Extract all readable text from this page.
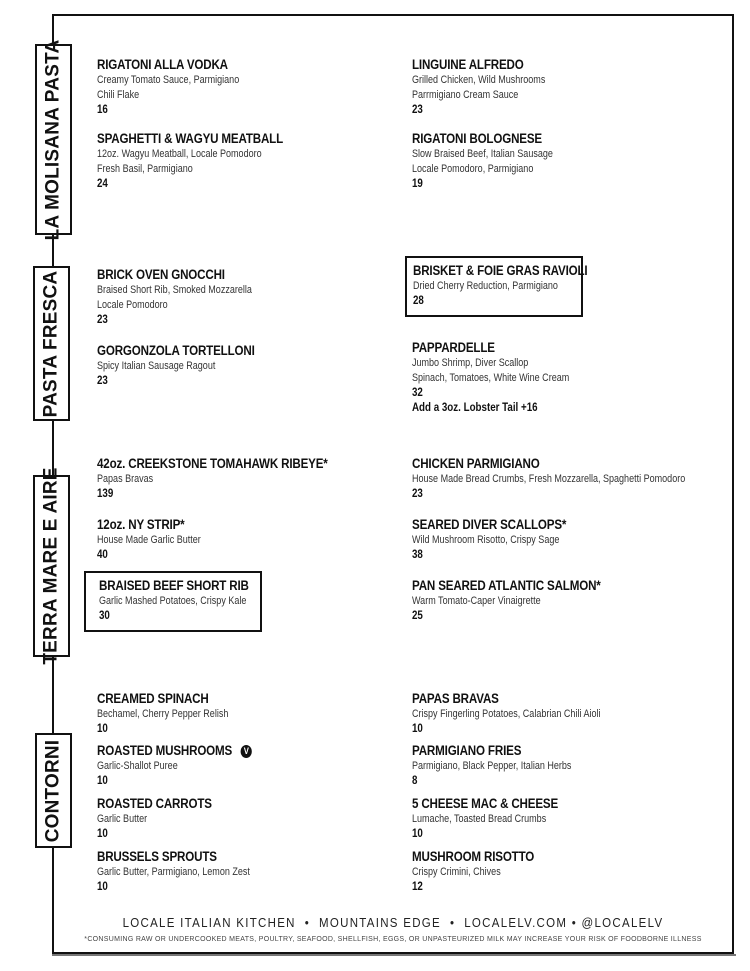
LA MOLISANA PASTA
PASTA FRESCA
TERRA MARE E AIRE
CONTORNI
RIGATONI ALLA VODKA
Creamy Tomato Sauce, Parmigiano
Chili Flake
16
SPAGHETTI & WAGYU MEATBALL
12oz. Wagyu Meatball, Locale Pomodoro
Fresh Basil, Parmigiano
24
LINGUINE ALFREDO
Grilled Chicken, Wild Mushrooms
Parrmigiano Cream Sauce
23
RIGATONI BOLOGNESE
Slow Braised Beef, Italian Sausage
Locale Pomodoro, Parmigiano
19
BRICK OVEN GNOCCHI
Braised Short Rib, Smoked Mozzarella
Locale Pomodoro
23
GORGONZOLA TORTELLONI
Spicy Italian Sausage Ragout
23
BRISKET & FOIE GRAS RAVIOLI
Dried Cherry Reduction, Parmigiano
28
PAPPARDELLE
Jumbo Shrimp, Diver Scallop
Spinach, Tomatoes, White Wine Cream
32
Add a 3oz. Lobster Tail +16
42oz. CREEKSTONE TOMAHAWK RIBEYE*
Papas Bravas
139
12oz. NY STRIP*
House Made Garlic Butter
40
BRAISED BEEF SHORT RIB
Garlic Mashed Potatoes, Crispy Kale
30
CHICKEN PARMIGIANO
House Made Bread Crumbs, Fresh Mozzarella, Spaghetti Pomodoro
23
SEARED DIVER SCALLOPS*
Wild Mushroom Risotto, Crispy Sage
38
PAN SEARED ATLANTIC SALMON*
Warm Tomato-Caper Vinaigrette
25
CREAMED SPINACH
Bechamel, Cherry Pepper Relish
10
ROASTED MUSHROOMS V
Garlic-Shallot Puree
10
ROASTED CARROTS
Garlic Butter
10
BRUSSELS SPROUTS
Garlic Butter, Parmigiano, Lemon Zest
10
PAPAS BRAVAS
Crispy Fingerling Potatoes, Calabrian Chili Aioli
10
PARMIGIANO FRIES
Parmigiano, Black Pepper, Italian Herbs
8
5 CHEESE MAC & CHEESE
Lumache, Toasted Bread Crumbs
10
MUSHROOM RISOTTO
Crispy Crimini, Chives
12
LOCALE ITALIAN KITCHEN  •  MOUNTAINS EDGE  •  LOCALELV.COM • @LOCALELV
*CONSUMING RAW OR UNDERCOOKED MEATS, POULTRY, SEAFOOD, SHELLFISH, EGGS, OR UNPASTEURIZED MILK MAY INCREASE YOUR RISK OF FOODBORNE ILLNESS
